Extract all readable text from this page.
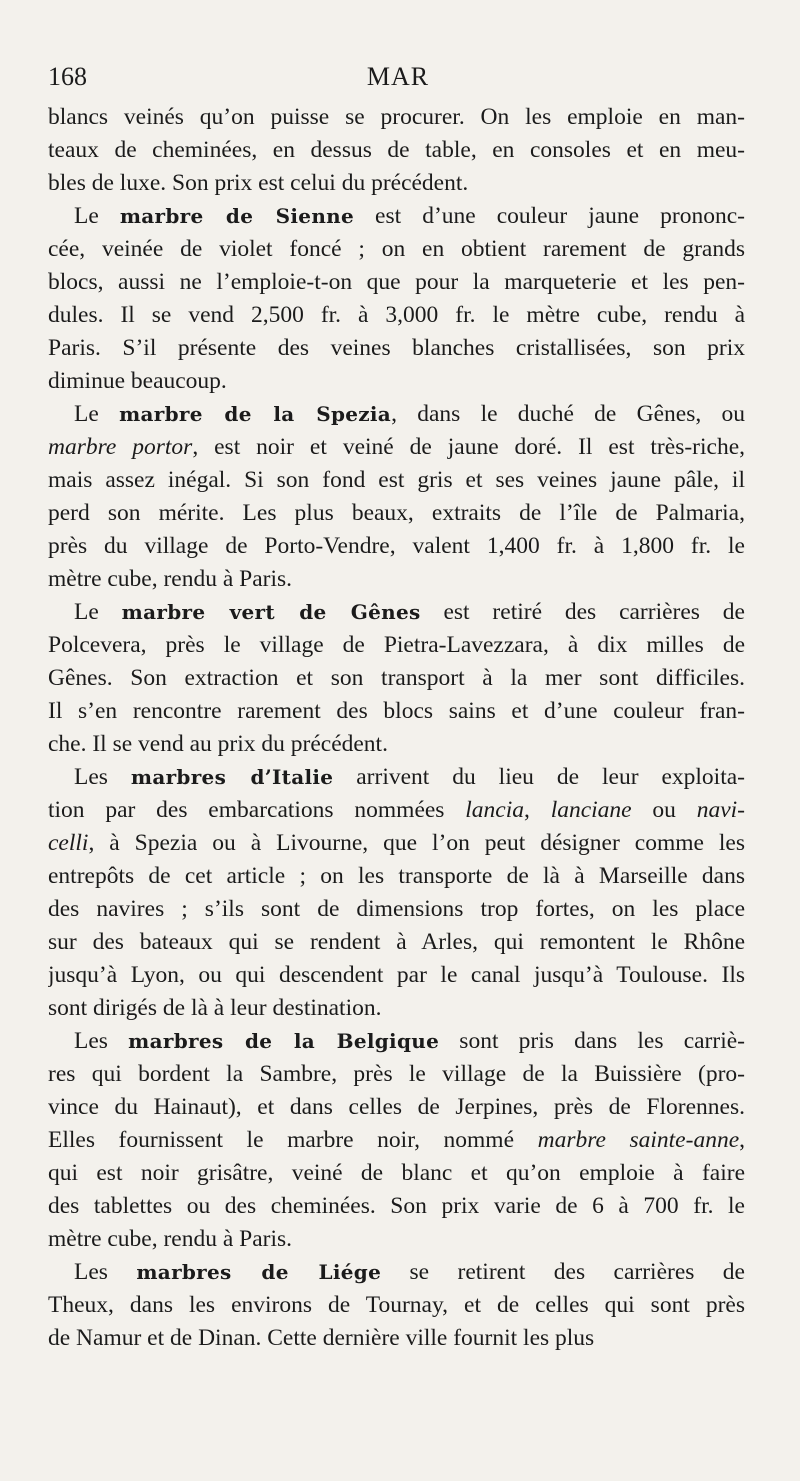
168	MAR
blancs veinés qu’on puisse se procurer. On les emploie en man-
teaux de cheminées, en dessus de table, en consoles et en meu-
bles de luxe. Son prix est celui du précédent.
Le marbre de Sienne est d’une couleur jaune prononc-
cée, veinée de violet foncé ; on en obtient rarement de grands
blocs, aussi ne l’emploie-t-on que pour la marqueterie et les pen-
dules. Il se vend 2,500 fr. à 3,000 fr. le mètre cube, rendu à
Paris. S’il présente des veines blanches cristallisées, son prix
diminue beaucoup.
Le marbre de la Spezia, dans le duché de Gênes, ou
marbre portor, est noir et veiné de jaune doré. Il est très-riche,
mais assez inégal. Si son fond est gris et ses veines jaune pâle, il
perd son mérite. Les plus beaux, extraits de l’île de Palmaria,
près du village de Porto-Vendre, valent 1,400 fr. à 1,800 fr. le
mètre cube, rendu à Paris.
Le marbre vert de Gênes est retiré des carrières de
Polcevera, près le village de Pietra-Lavezzara, à dix milles de
Gênes. Son extraction et son transport à la mer sont difficiles.
Il s’en rencontre rarement des blocs sains et d’une couleur fran-
che. Il se vend au prix du précédent.
Les marbres d’Italie arrivent du lieu de leur exploita-
tion par des embarcations nommées lancia, lanciane ou navi-
celli, à Spezia ou à Livourne, que l’on peut désigner comme les
entrepôts de cet article ; on les transporte de là à Marseille dans
des navires ; s’ils sont de dimensions trop fortes, on les place
sur des bateaux qui se rendent à Arles, qui remontent le Rhône
jusqu’à Lyon, ou qui descendent par le canal jusqu’à Toulouse. Ils
sont dirigés de là à leur destination.
Les marbres de la Belgique sont pris dans les carriè-
res qui bordent la Sambre, près le village de la Buissière (pro-
vince du Hainaut), et dans celles de Jerpines, près de Florennes.
Elles fournissent le marbre noir, nommé marbre sainte-anne,
qui est noir grisâtre, veiné de blanc et qu’on emploie à faire
des tablettes ou des cheminées. Son prix varie de 6 à 700 fr. le
mètre cube, rendu à Paris.
Les marbres de Liége se retirent des carrières de
Theux, dans les environs de Tournay, et de celles qui sont près
de Namur et de Dinan. Cette dernière ville fournit les plus
